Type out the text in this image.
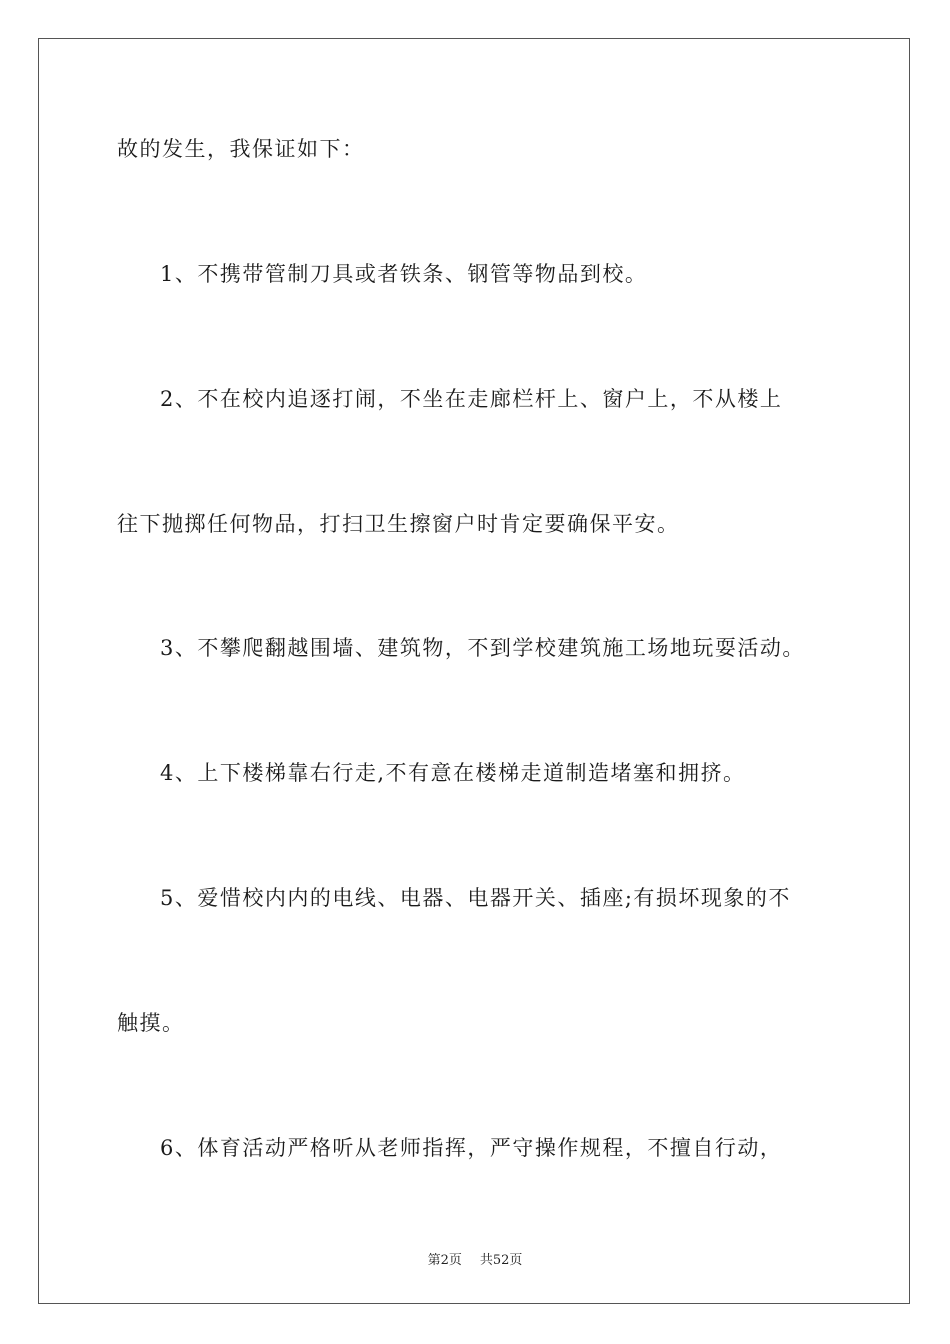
故的发生，我保证如下：
1、不携带管制刀具或者铁条、钢管等物品到校。
2、不在校内追逐打闹，不坐在走廊栏杆上、窗户上，不从楼上
往下抛掷任何物品，打扫卫生擦窗户时肯定要确保平安。
3、不攀爬翻越围墙、建筑物，不到学校建筑施工场地玩耍活动。
4、上下楼梯靠右行走,不有意在楼梯走道制造堵塞和拥挤。
5、爱惜校内内的电线、电器、电器开关、插座;有损坏现象的不
触摸。
6、体育活动严格听从老师指挥，严守操作规程，不擅自行动，
第2页 共52页
